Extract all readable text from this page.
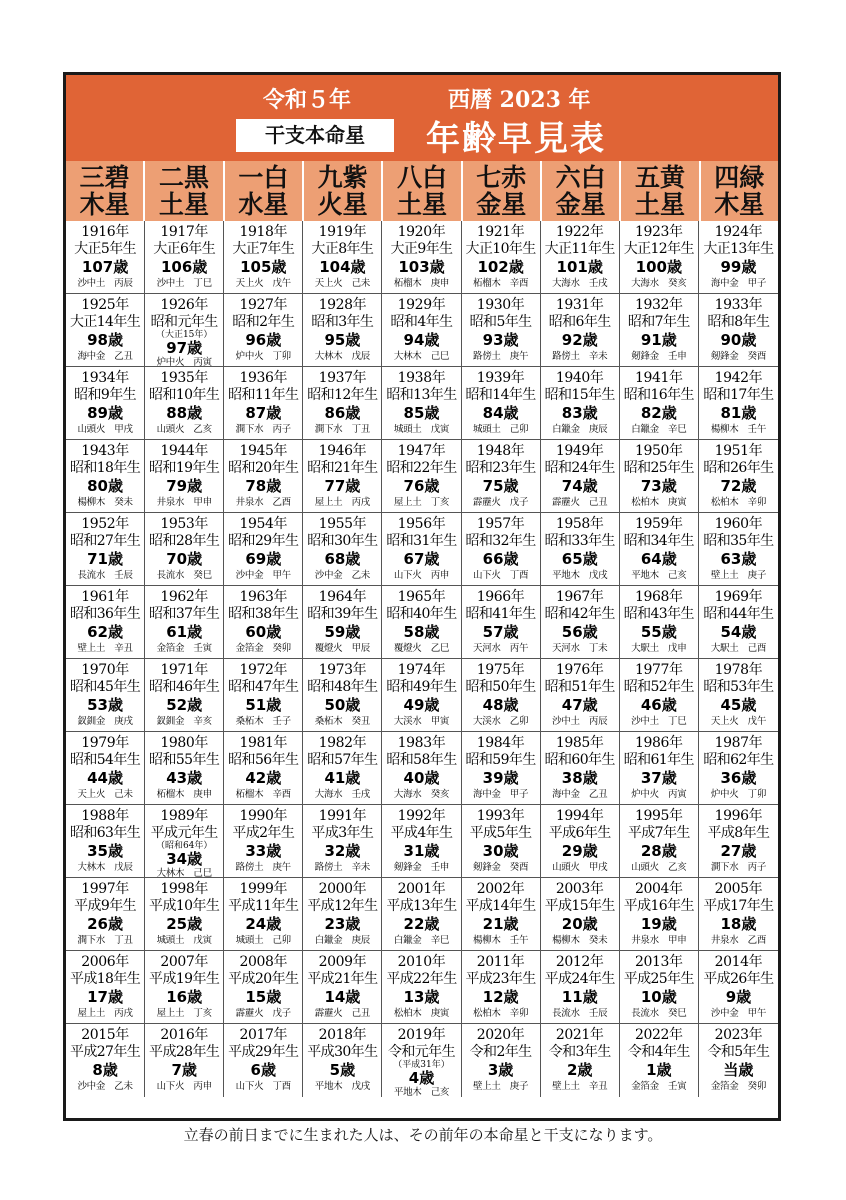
令和５年	西暦 2023 年
干支本命星	年齢早見表
三碧
木星
二黒
土星
一白
水星
九紫
火星
八白
土星
七赤
金星
六白
金星
五黄
土星
四緑
木星
1916年
大正5年生
107歳
沙中土　丙辰
1917年
大正6年生
106歳
沙中土　丁巳
1918年
大正7年生
105歳
天上火　戊午
1919年
大正8年生
104歳
天上火　己未
1920年
大正9年生
103歳
柘榴木　庚申
1921年
大正10年生
102歳
柘榴木　辛酉
1922年
大正11年生
101歳
大海水　壬戌
1923年
大正12年生
100歳
大海水　癸亥
1924年
大正13年生
99歳
海中金　甲子
1925年
大正14年生
98歳
海中金　乙丑
1926年
昭和元年生
（大正15年）
97歳
炉中火　丙寅
1927年
昭和2年生
96歳
炉中火　丁卯
1928年
昭和3年生
95歳
大林木　戊辰
1929年
昭和4年生
94歳
大林木　己巳
1930年
昭和5年生
93歳
路傍土　庚午
1931年
昭和6年生
92歳
路傍土　辛未
1932年
昭和7年生
91歳
剱鋒金　壬申
1933年
昭和8年生
90歳
剱鋒金　癸酉
1934年
昭和9年生
89歳
山頭火　甲戌
1935年
昭和10年生
88歳
山頭火　乙亥
1936年
昭和11年生
87歳
澗下水　丙子
1937年
昭和12年生
86歳
澗下水　丁丑
1938年
昭和13年生
85歳
城頭土　戊寅
1939年
昭和14年生
84歳
城頭土　己卯
1940年
昭和15年生
83歳
白鑞金　庚辰
1941年
昭和16年生
82歳
白鑞金　辛巳
1942年
昭和17年生
81歳
楊柳木　壬午
1943年
昭和18年生
80歳
楊柳木　癸未
1944年
昭和19年生
79歳
井泉水　甲申
1945年
昭和20年生
78歳
井泉水　乙酉
1946年
昭和21年生
77歳
屋上土　丙戌
1947年
昭和22年生
76歳
屋上土　丁亥
1948年
昭和23年生
75歳
霹靂火　戊子
1949年
昭和24年生
74歳
霹靂火　己丑
1950年
昭和25年生
73歳
松柏木　庚寅
1951年
昭和26年生
72歳
松柏木　辛卯
1952年
昭和27年生
71歳
長流水　壬辰
1953年
昭和28年生
70歳
長流水　癸巳
1954年
昭和29年生
69歳
沙中金　甲午
1955年
昭和30年生
68歳
沙中金　乙未
1956年
昭和31年生
67歳
山下火　丙申
1957年
昭和32年生
66歳
山下火　丁酉
1958年
昭和33年生
65歳
平地木　戊戌
1959年
昭和34年生
64歳
平地木　己亥
1960年
昭和35年生
63歳
壁上土　庚子
1961年
昭和36年生
62歳
壁上土　辛丑
1962年
昭和37年生
61歳
金箔金　壬寅
1963年
昭和38年生
60歳
金箔金　癸卯
1964年
昭和39年生
59歳
覆燈火　甲辰
1965年
昭和40年生
58歳
覆燈火　乙巳
1966年
昭和41年生
57歳
天河水　丙午
1967年
昭和42年生
56歳
天河水　丁未
1968年
昭和43年生
55歳
大駅土　戊申
1969年
昭和44年生
54歳
大駅土　己酉
1970年
昭和45年生
53歳
釵釧金　庚戌
1971年
昭和46年生
52歳
釵釧金　辛亥
1972年
昭和47年生
51歳
桑柘木　壬子
1973年
昭和48年生
50歳
桑柘木　癸丑
1974年
昭和49年生
49歳
大渓水　甲寅
1975年
昭和50年生
48歳
大渓水　乙卯
1976年
昭和51年生
47歳
沙中土　丙辰
1977年
昭和52年生
46歳
沙中土　丁巳
1978年
昭和53年生
45歳
天上火　戊午
1979年
昭和54年生
44歳
天上火　己未
1980年
昭和55年生
43歳
柘榴木　庚申
1981年
昭和56年生
42歳
柘榴木　辛酉
1982年
昭和57年生
41歳
大海水　壬戌
1983年
昭和58年生
40歳
大海水　癸亥
1984年
昭和59年生
39歳
海中金　甲子
1985年
昭和60年生
38歳
海中金　乙丑
1986年
昭和61年生
37歳
炉中火　丙寅
1987年
昭和62年生
36歳
炉中火　丁卯
1988年
昭和63年生
35歳
大林木　戊辰
1989年
平成元年生
（昭和64年）
34歳
大林木　己巳
1990年
平成2年生
33歳
路傍土　庚午
1991年
平成3年生
32歳
路傍土　辛未
1992年
平成4年生
31歳
剱鋒金　壬申
1993年
平成5年生
30歳
剱鋒金　癸酉
1994年
平成6年生
29歳
山頭火　甲戌
1995年
平成7年生
28歳
山頭火　乙亥
1996年
平成8年生
27歳
澗下水　丙子
1997年
平成9年生
26歳
澗下水　丁丑
1998年
平成10年生
25歳
城頭土　戊寅
1999年
平成11年生
24歳
城頭土　己卯
2000年
平成12年生
23歳
白鑞金　庚辰
2001年
平成13年生
22歳
白鑞金　辛巳
2002年
平成14年生
21歳
楊柳木　壬午
2003年
平成15年生
20歳
楊柳木　癸未
2004年
平成16年生
19歳
井泉水　甲申
2005年
平成17年生
18歳
井泉水　乙酉
2006年
平成18年生
17歳
屋上土　丙戌
2007年
平成19年生
16歳
屋上土　丁亥
2008年
平成20年生
15歳
霹靂火　戊子
2009年
平成21年生
14歳
霹靂火　己丑
2010年
平成22年生
13歳
松柏木　庚寅
2011年
平成23年生
12歳
松柏木　辛卯
2012年
平成24年生
11歳
長流水　壬辰
2013年
平成25年生
10歳
長流水　癸巳
2014年
平成26年生
9歳
沙中金　甲午
2015年
平成27年生
8歳
沙中金　乙未
2016年
平成28年生
7歳
山下火　丙申
2017年
平成29年生
6歳
山下火　丁酉
2018年
平成30年生
5歳
平地木　戊戌
2019年
令和元年生
（平成31年）
4歳
平地木　己亥
2020年
令和2年生
3歳
壁上土　庚子
2021年
令和3年生
2歳
壁上土　辛丑
2022年
令和4年生
1歳
金箔金　壬寅
2023年
令和5年生
当歳
金箔金　癸卯
立春の前日までに生まれた人は、その前年の本命星と干支になります。
